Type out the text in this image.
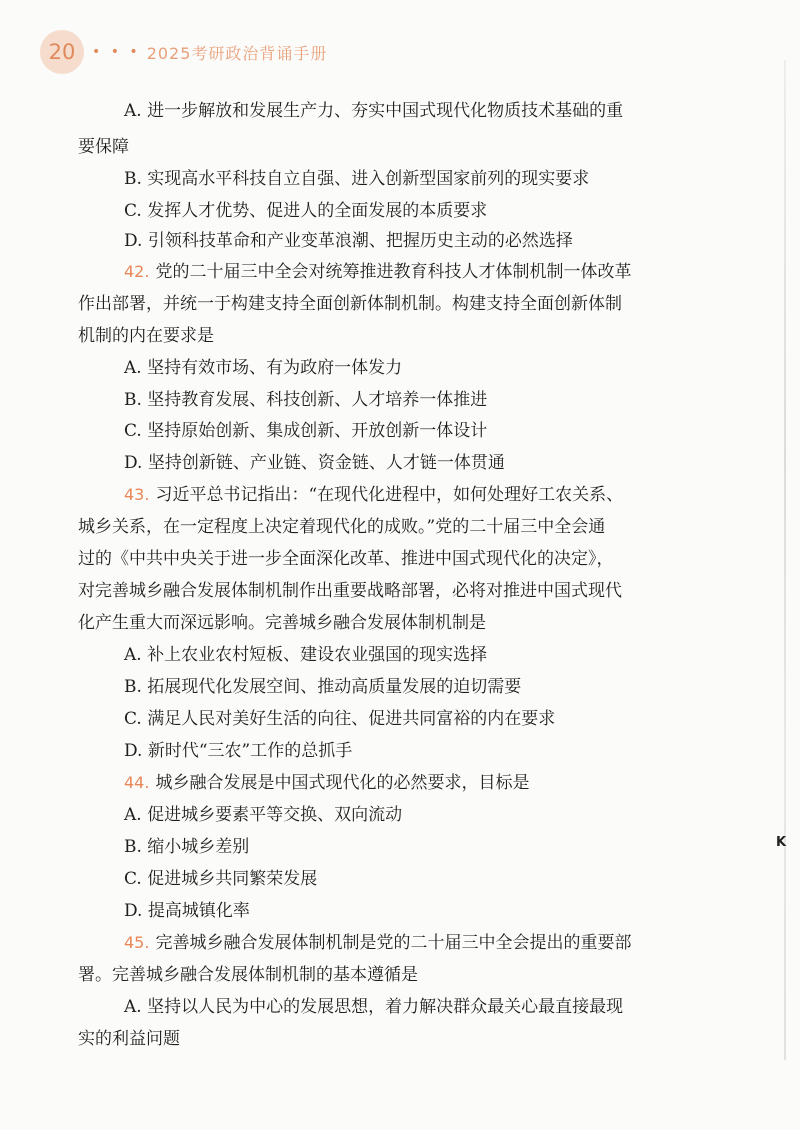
20	• • • 2025考研政治背诵手册
A. 进一步解放和发展生产力、夯实中国式现代化物质技术基础的重
要保障
B. 实现高水平科技自立自强、进入创新型国家前列的现实要求
C. 发挥人才优势、促进人的全面发展的本质要求
D. 引领科技革命和产业变革浪潮、把握历史主动的必然选择
42. 党的二十届三中全会对统筹推进教育科技人才体制机制一体改革
作出部署，并统一于构建支持全面创新体制机制。构建支持全面创新体制
机制的内在要求是
A. 坚持有效市场、有为政府一体发力
B. 坚持教育发展、科技创新、人才培养一体推进
C. 坚持原始创新、集成创新、开放创新一体设计
D. 坚持创新链、产业链、资金链、人才链一体贯通
43. 习近平总书记指出：“在现代化进程中，如何处理好工农关系、
城乡关系，在一定程度上决定着现代化的成败。”党的二十届三中全会通
过的《中共中央关于进一步全面深化改革、推进中国式现代化的决定》，
对完善城乡融合发展体制机制作出重要战略部署，必将对推进中国式现代
化产生重大而深远影响。完善城乡融合发展体制机制是
A. 补上农业农村短板、建设农业强国的现实选择
B. 拓展现代化发展空间、推动高质量发展的迫切需要
C. 满足人民对美好生活的向往、促进共同富裕的内在要求
D. 新时代“三农”工作的总抓手
44. 城乡融合发展是中国式现代化的必然要求，目标是
A. 促进城乡要素平等交换、双向流动
B. 缩小城乡差别
C. 促进城乡共同繁荣发展
D. 提高城镇化率
45. 完善城乡融合发展体制机制是党的二十届三中全会提出的重要部
署。完善城乡融合发展体制机制的基本遵循是
A. 坚持以人民为中心的发展思想，着力解决群众最关心最直接最现
实的利益问题
K
